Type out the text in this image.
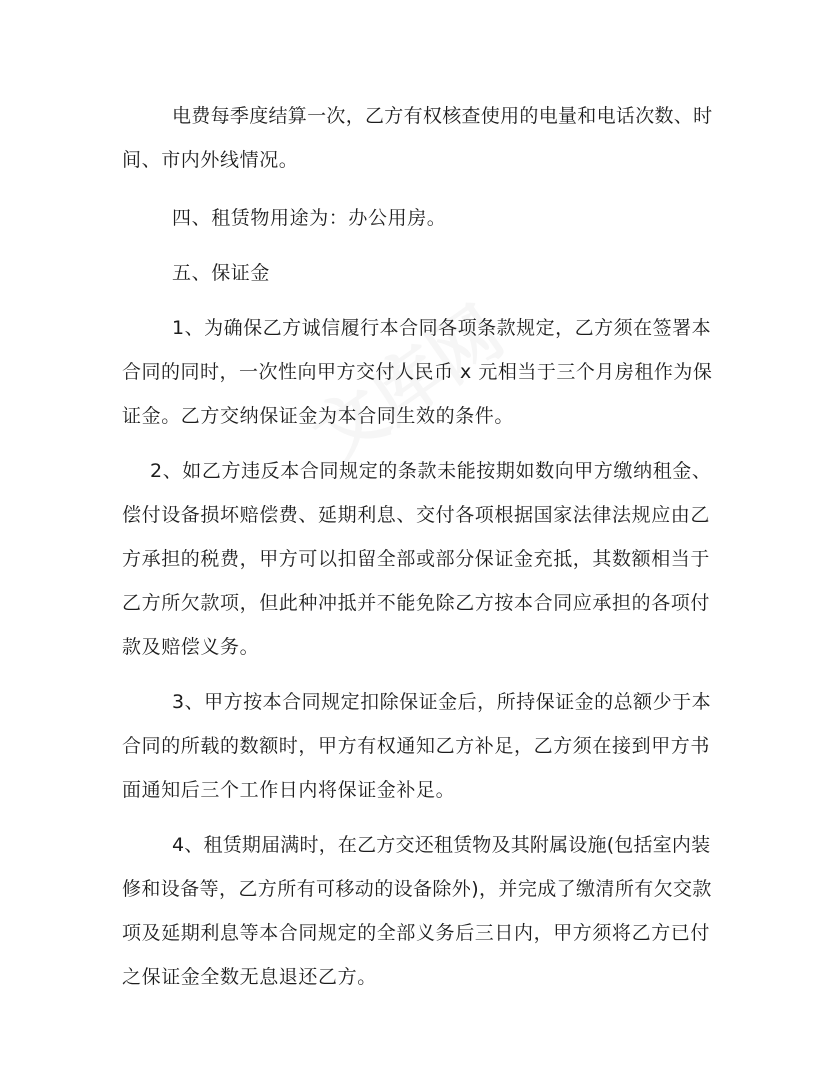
电费每季度结算一次，乙方有权核查使用的电量和电话次数、时
间、市内外线情况。
四、租赁物用途为：办公用房。
五、保证金
1、为确保乙方诚信履行本合同各项条款规定，乙方须在签署本
合同的同时，一次性向甲方交付人民币 x 元相当于三个月房租作为保
证金。乙方交纳保证金为本合同生效的条件。
2、如乙方违反本合同规定的条款未能按期如数向甲方缴纳租金、
偿付设备损坏赔偿费、延期利息、交付各项根据国家法律法规应由乙
方承担的税费，甲方可以扣留全部或部分保证金充抵，其数额相当于
乙方所欠款项，但此种冲抵并不能免除乙方按本合同应承担的各项付
款及赔偿义务。
3、甲方按本合同规定扣除保证金后，所持保证金的总额少于本
合同的所载的数额时，甲方有权通知乙方补足，乙方须在接到甲方书
面通知后三个工作日内将保证金补足。
4、租赁期届满时，在乙方交还租赁物及其附属设施(包括室内装
修和设备等，乙方所有可移动的设备除外)，并完成了缴清所有欠交款
项及延期利息等本合同规定的全部义务后三日内，甲方须将乙方已付
之保证金全数无息退还乙方。
